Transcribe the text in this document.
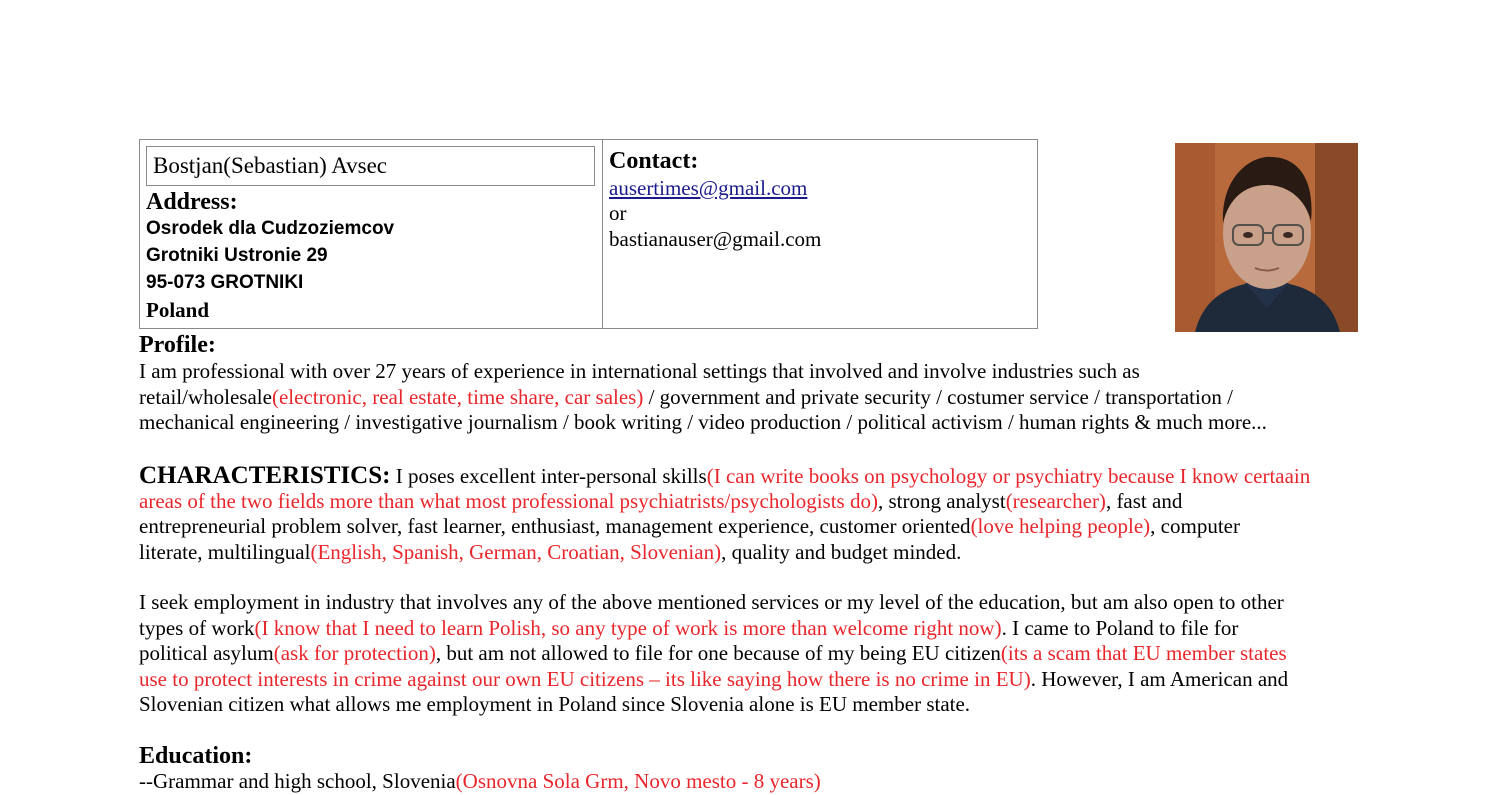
Bostjan(Sebastian) Avsec
Address:
Osrodek dla Cudzoziemcov
Grotniki Ustronie 29
95-073 GROTNIKI
Poland
Contact:
ausertimes@gmail.com
or
bastianauser@gmail.com
Profile:
I am professional with over 27 years of experience in international settings that involved and involve industries such as
retail/wholesale(electronic, real estate, time share, car sales) / government and private security / costumer service / transportation /
mechanical engineering / investigative journalism / book writing / video production / political activism / human rights & much more...
CHARACTERISTICS: I poses excellent inter-personal skills(I can write books on psychology or psychiatry because I know certaain
areas of the two fields more than what most professional psychiatrists/psychologists do), strong analyst(researcher), fast and
entrepreneurial problem solver, fast learner, enthusiast, management experience, customer oriented(love helping people), computer
literate, multilingual(English, Spanish, German, Croatian, Slovenian), quality and budget minded.
I seek employment in industry that involves any of the above mentioned services or my level of the education, but am also open to other
types of work(I know that I need to learn Polish, so any type of work is more than welcome right now). I came to Poland to file for
political asylum(ask for protection), but am not allowed to file for one because of my being EU citizen(its a scam that EU member states
use to protect interests in crime against our own EU citizens – its like saying how there is no crime in EU). However, I am American and
Slovenian citizen what allows me employment in Poland since Slovenia alone is EU member state.
Education:
--Grammar and high school, Slovenia(Osnovna Sola Grm, Novo mesto - 8 years)
